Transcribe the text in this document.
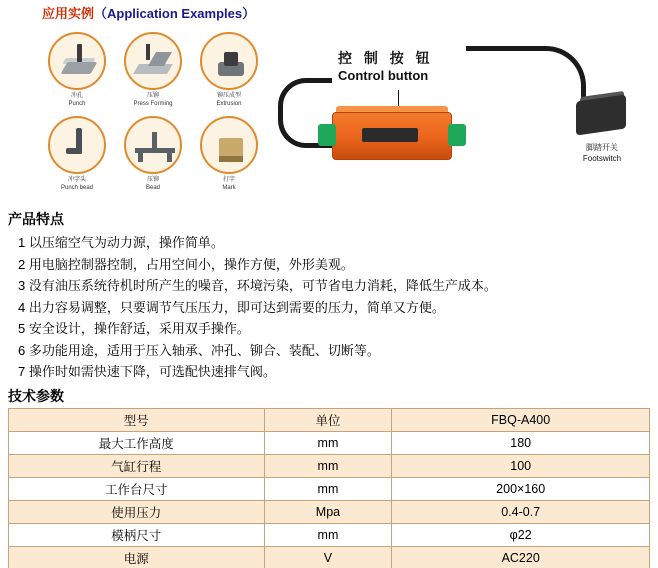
应用实例（Application Examples）
冲孔
Punch
压铆
Press Forming
铆压成型
Extrusion
冲字头
Punch bead
压铆
Bead
打字
Mark
控 制 按 钮
Control button
脚踏开关
Footswitch
产品特点
1 以压缩空气为动力源，操作简单。
2 用电脑控制器控制，占用空间小，操作方便，外形美观。
3 没有油压系统待机时所产生的噪音，环境污染，可节省电力消耗，降低生产成本。
4 出力容易调整，只要调节气压压力，即可达到需要的压力，简单又方便。
5 安全设计，操作舒适，采用双手操作。
6 多功能用途，适用于压入轴承、冲孔、铆合、装配、切断等。
7 操作时如需快速下降，可选配快速排气阀。
技术参数
型号	单位	FBQ-A400
最大工作高度	mm	180
气缸行程	mm	100
工作台尺寸	mm	200×160
使用压力	Mpa	0.4-0.7
模柄尺寸	mm	φ22
电源	V	AC220
